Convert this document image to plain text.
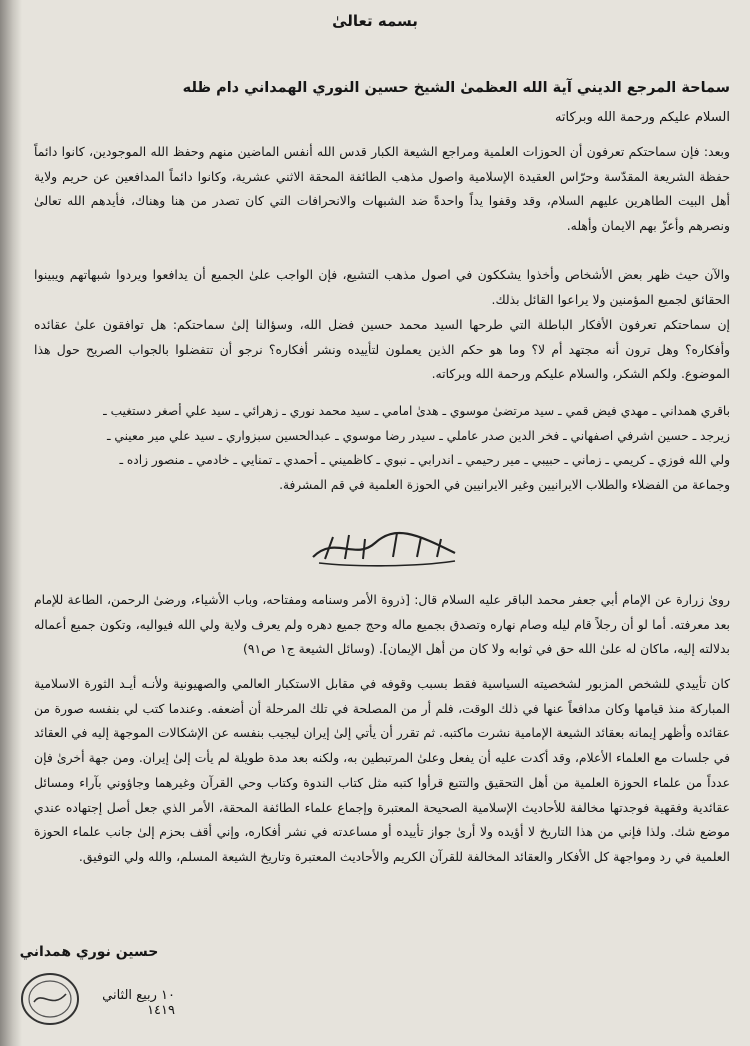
بسمه تعالىٰ
سماحة المرجع الديني آية الله العظمىٰ الشيخ حسين النوري الهمداني دام ظله
السلام عليكم ورحمة الله وبركاته
وبعد: فإن سماحتكم تعرفون أن الحوزات العلمية ومراجع الشيعة الكبار قدس الله أنفس الماضين منهم وحفظ الله الموجودين، كانوا دائماً حفظة الشريعة المقدّسة وحرّاس العقيدة الإسلامية واصول مذهب الطائفة المحقة الاثني عشرية، وكانوا دائماً المدافعين عن حريم ولاية أهل البيت الطاهرين عليهم السلام، وقد وقفوا يداً واحدةً ضد الشبهات والانحرافات التي كان تصدر من هنا وهناك، فأيدهم الله تعالىٰ ونصرهم وأعزّ بهم الايمان وأهله.
والآن حيث ظهر بعض الأشخاص وأخذوا يشككون في اصول مذهب التشيع، فإن الواجب علىٰ الجميع أن يدافعوا ويردوا شبهاتهم ويبينوا الحقائق لجميع المؤمنين ولا يراعوا القائل بذلك.
إن سماحتكم تعرفون الأفكار الباطلة التي طرحها السيد محمد حسين فضل الله، وسؤالنا إلىٰ سماحتكم: هل توافقون علىٰ عقائده وأفكاره؟ وهل ترون أنه مجتهد أم لا؟ وما هو حكم الذين يعملون لتأييده ونشر أفكاره؟ نرجو أن تتفضلوا بالجواب الصريح حول هذا الموضوع. ولكم الشكر، والسلام عليكم ورحمة الله وبركاته.
باقري همداني ـ مهدي فيض قمي ـ سيد مرتضىٰ موسوي ـ هدىٰ امامي ـ سيد محمد نوري ـ زهرائي ـ سيد علي أصغر دستغيب ـ
زيرجد ـ حسين اشرفي اصفهاني ـ فخر الدين صدر عاملي ـ سيدر رضا موسوي ـ عبدالحسين سبزواري ـ سيد علي مير معيني ـ
ولي الله فوزي ـ كريمي ـ زماني ـ حبيبي ـ مير رحيمي ـ اندرابي ـ نبوي ـ كاظميني ـ أحمدي ـ تمنايي ـ خادمي ـ منصور زاده ـ
وجماعة من الفضلاء والطلاب الايرانيين وغير الايرانيين في الحوزة العلمية في قم المشرفة.
روىٰ زرارة عن الإمام أبي جعفر محمد الباقر عليه السلام قال: [ذروة الأمر وسنامه ومفتاحه، وباب الأشياء، ورضىٰ الرحمن، الطاعة للإمام بعد معرفته. أما لو أن رجلاً قام ليله وصام نهاره وتصدق بجميع ماله وحج جميع دهره ولم يعرف ولاية ولي الله فيواليه، وتكون جميع أعماله بدلالته إليه، ماكان له علىٰ الله حق في ثوابه ولا كان من أهل الإيمان]. (وسائل الشيعة ج١ ص٩١)
كان تأييدي للشخص المزبور لشخصيته السياسية فقط بسبب وقوفه في مقابل الاستكبار العالمي والصهيونية ولأنـه أيـد الثورة الاسلامية المباركة منذ قيامها وكان مدافعاً عنها في ذلك الوقت، فلم أر من المصلحة في تلك المرحلة أن أضعفه. وعندما كتب لي بنفسه صورة من عقائده وأظهر إيمانه بعقائد الشيعة الإمامية نشرت ماكتبه. ثم تقرر أن يأتي إلىٰ إيران ليجيب بنفسه عن الإشكالات الموجهة إليه في العقائد في جلسات مع العلماء الأعلام، وقد أكدت عليه أن يفعل وعلىٰ المرتبطين به، ولكنه بعد مدة طويلة لم يأت إلىٰ إيران. ومن جهة أخرىٰ فإن عدداً من علماء الحوزة العلمية من أهل التحقيق والتتبع قرأوا كتبه مثل كتاب الندوة وكتاب وحي القرآن وغيرهما وجاؤوني بآراء ومسائل عقائدية وفقهية فوجدتها مخالفة للأحاديث الإسلامية الصحيحة المعتبرة وإجماع علماء الطائفة المحقة، الأمر الذي جعل أصل إجتهاده عندي موضع شك. ولذا فإني من هذا التاريخ لا أؤيده ولا أرىٰ جواز تأييده أو مساعدته في نشر أفكاره، وإني أقف بحزم إلىٰ جانب علماء الحوزة العلمية في رد ومواجهة كل الأفكار والعقائد المخالفة للقرآن الكريم والأحاديث المعتبرة وتاريخ الشيعة المسلم، والله ولي التوفيق.
حسين نوري همداني
١٠ ربيع الثاني ١٤١٩
